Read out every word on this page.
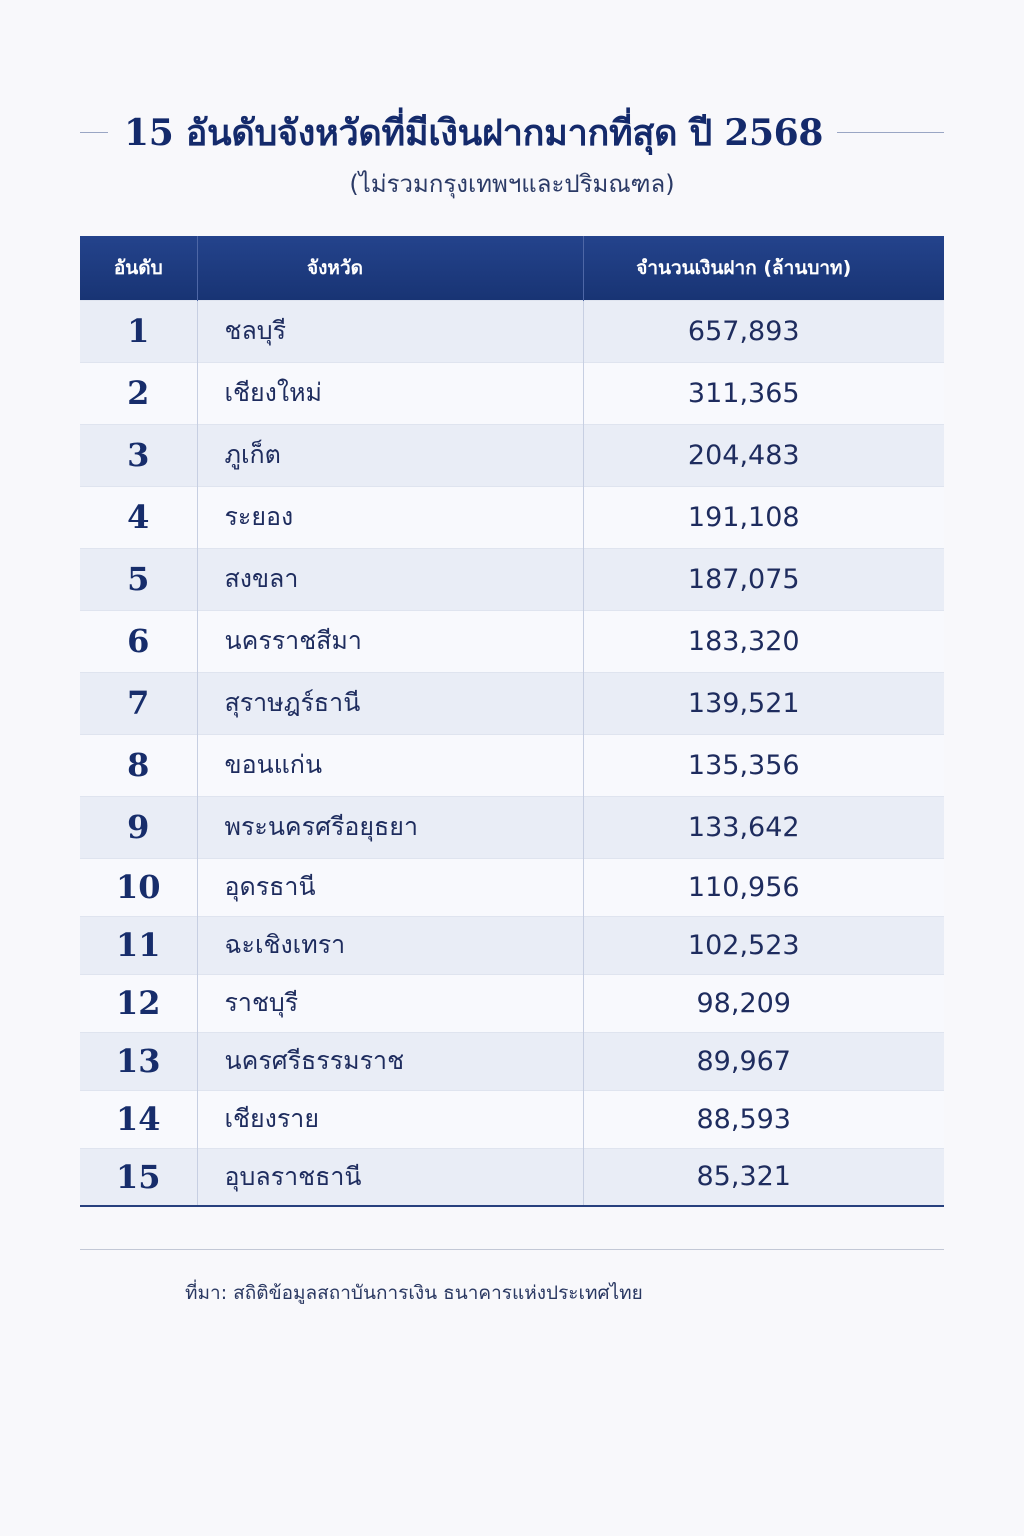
15 อันดับจังหวัดที่มีเงินฝากมากที่สุด ปี 2568
(ไม่รวมกรุงเทพฯและปริมณฑล)
อันดับ	จังหวัด	จำนวนเงินฝาก (ล้านบาท)
1	ชลบุรี	657,893
2	เชียงใหม่	311,365
3	ภูเก็ต	204,483
4	ระยอง	191,108
5	สงขลา	187,075
6	นครราชสีมา	183,320
7	สุราษฎร์ธานี	139,521
8	ขอนแก่น	135,356
9	พระนครศรีอยุธยา	133,642
10	อุดรธานี	110,956
11	ฉะเชิงเทรา	102,523
12	ราชบุรี	98,209
13	นครศรีธรรมราช	89,967
14	เชียงราย	88,593
15	อุบลราชธานี	85,321
ที่มา: สถิติข้อมูลสถาบันการเงิน ธนาคารแห่งประเทศไทย
